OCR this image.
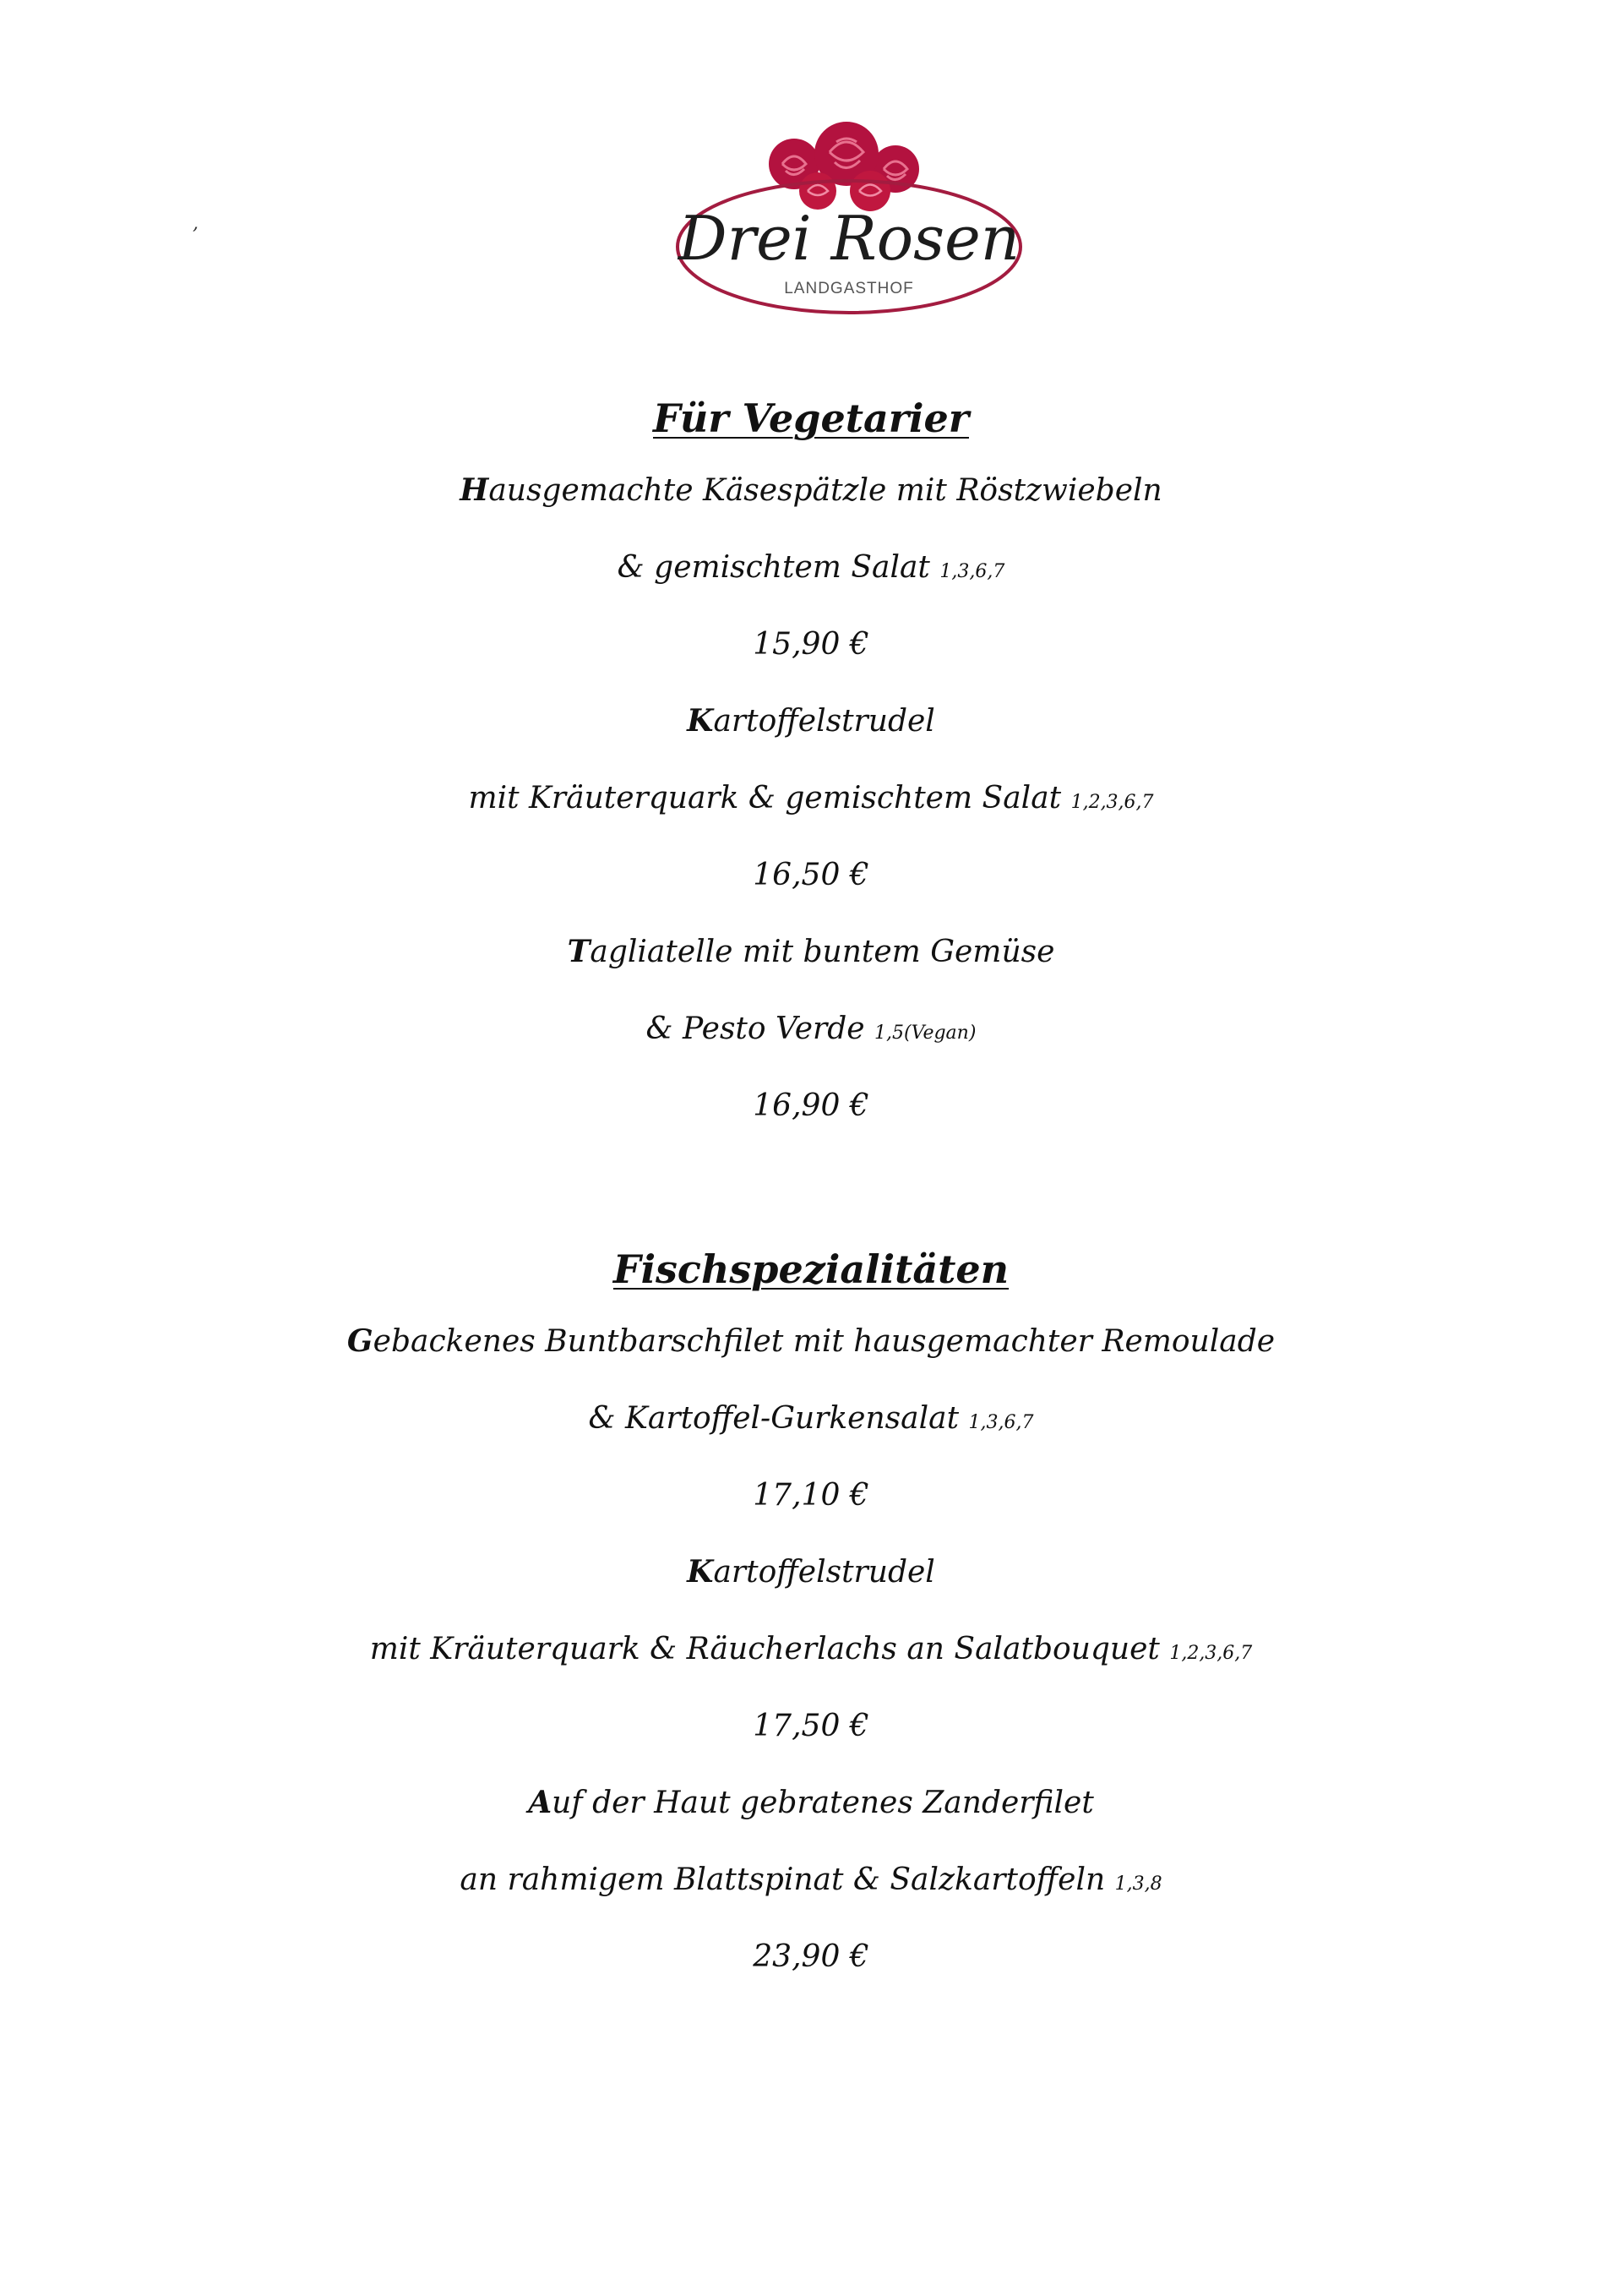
,	Drei Rosen
LANDGASTHOF
Für Vegetarier
Hausgemachte Käsespätzle mit Röstzwiebeln
& gemischtem Salat 1,3,6,7
15,90 €
Kartoffelstrudel
mit Kräuterquark & gemischtem Salat 1,2,3,6,7
16,50 €
Tagliatelle mit buntem Gemüse
& Pesto Verde 1,5(Vegan)
16,90 €
Fischspezialitäten
Gebackenes Buntbarschfilet mit hausgemachter Remoulade
& Kartoffel-Gurkensalat 1,3,6,7
17,10 €
Kartoffelstrudel
mit Kräuterquark & Räucherlachs an Salatbouquet 1,2,3,6,7
17,50 €
Auf der Haut gebratenes Zanderfilet
an rahmigem Blattspinat & Salzkartoffeln 1,3,8
23,90 €
